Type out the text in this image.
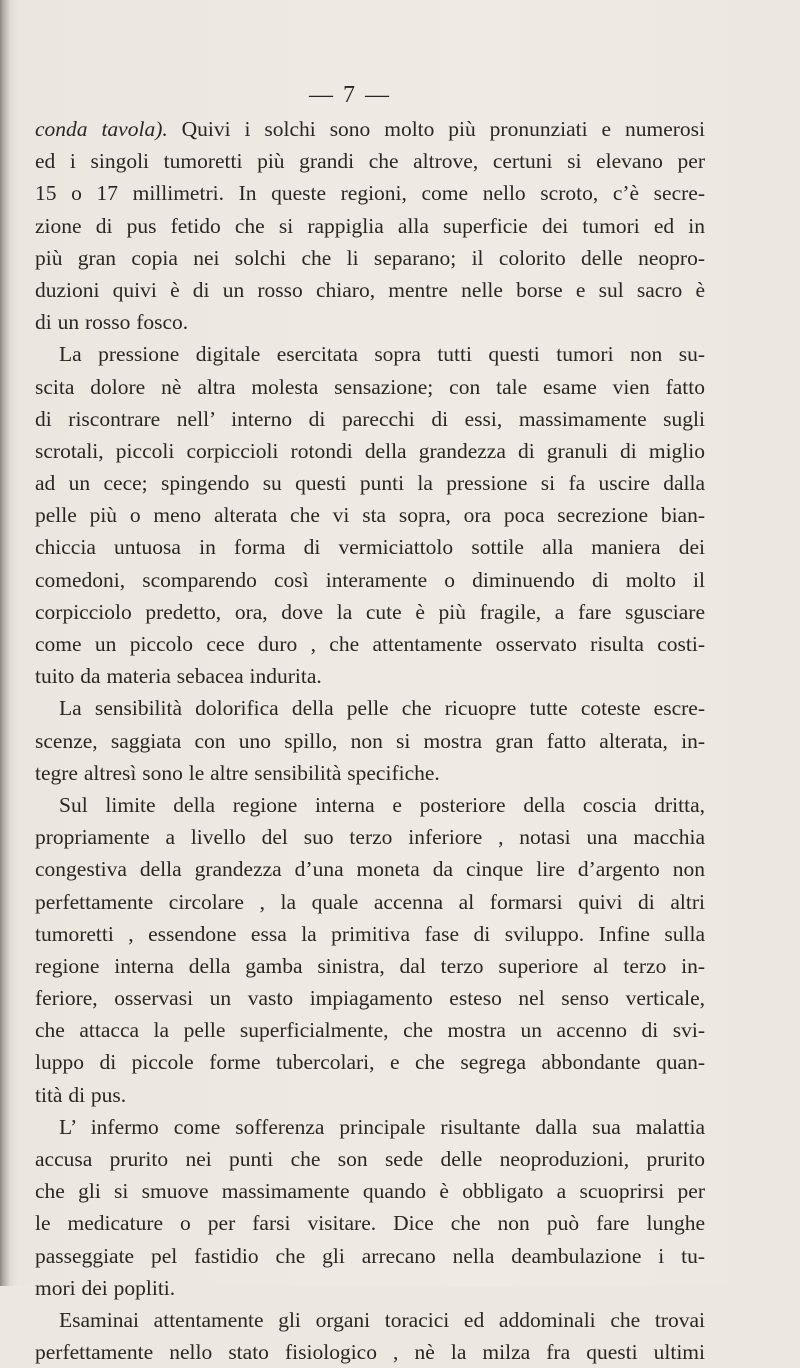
— 7 —
conda tavola). Quivi i solchi sono molto più pronunziati e numerosi
ed i singoli tumoretti più grandi che altrove, certuni si elevano per
15 o 17 millimetri. In queste regioni, come nello scroto, c’è secre-
zione di pus fetido che si rappiglia alla superficie dei tumori ed in
più gran copia nei solchi che li separano; il colorito delle neopro-
duzioni quivi è di un rosso chiaro, mentre nelle borse e sul sacro è
di un rosso fosco.
La pressione digitale esercitata sopra tutti questi tumori non su-
scita dolore nè altra molesta sensazione; con tale esame vien fatto
di riscontrare nell’ interno di parecchi di essi, massimamente sugli
scrotali, piccoli corpiccioli rotondi della grandezza di granuli di miglio
ad un cece; spingendo su questi punti la pressione si fa uscire dalla
pelle più o meno alterata che vi sta sopra, ora poca secrezione bian-
chiccia untuosa in forma di vermiciattolo sottile alla maniera dei
comedoni, scomparendo così interamente o diminuendo di molto il
corpicciolo predetto, ora, dove la cute è più fragile, a fare sgusciare
come un piccolo cece duro , che attentamente osservato risulta costi-
tuito da materia sebacea indurita.
La sensibilità dolorifica della pelle che ricuopre tutte coteste escre-
scenze, saggiata con uno spillo, non si mostra gran fatto alterata, in-
tegre altresì sono le altre sensibilità specifiche.
Sul limite della regione interna e posteriore della coscia dritta,
propriamente a livello del suo terzo inferiore , notasi una macchia
congestiva della grandezza d’una moneta da cinque lire d’argento non
perfettamente circolare , la quale accenna al formarsi quivi di altri
tumoretti , essendone essa la primitiva fase di sviluppo. Infine sulla
regione interna della gamba sinistra, dal terzo superiore al terzo in-
feriore, osservasi un vasto impiagamento esteso nel senso verticale,
che attacca la pelle superficialmente, che mostra un accenno di svi-
luppo di piccole forme tubercolari, e che segrega abbondante quan-
tità di pus.
L’ infermo come sofferenza principale risultante dalla sua malattia
accusa prurito nei punti che son sede delle neoproduzioni, prurito
che gli si smuove massimamente quando è obbligato a scuoprirsi per
le medicature o per farsi visitare. Dice che non può fare lunghe
passeggiate pel fastidio che gli arrecano nella deambulazione i tu-
mori dei popliti.
Esaminai attentamente gli organi toracici ed addominali che trovai
perfettamente nello stato fisiologico , nè la milza fra questi ultimi
